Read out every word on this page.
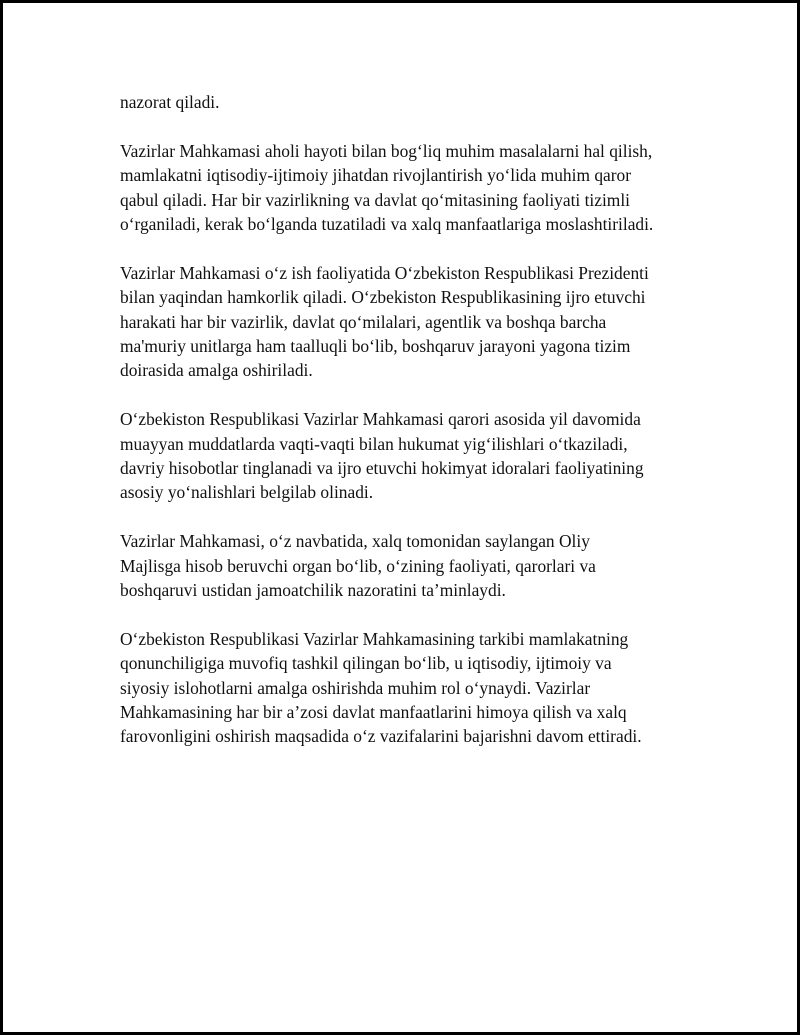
nazorat qiladi.

Vazirlar Mahkamasi aholi hayoti bilan bog‘liq muhim masalalarni hal qilish,
mamlakatni iqtisodiy-ijtimoiy jihatdan rivojlantirish yo‘lida muhim qaror
qabul qiladi. Har bir vazirlikning va davlat qo‘mitasining faoliyati tizimli
o‘rganiladi, kerak bo‘lganda tuzatiladi va xalq manfaatlariga moslashtiriladi.

Vazirlar Mahkamasi o‘z ish faoliyatida O‘zbekiston Respublikasi Prezidenti
bilan yaqindan hamkorlik qiladi. O‘zbekiston Respublikasining ijro etuvchi
harakati har bir vazirlik, davlat qo‘milalari, agentlik va boshqa barcha
ma'muriy unitlarga ham taalluqli bo‘lib, boshqaruv jarayoni yagona tizim
doirasida amalga oshiriladi.

O‘zbekiston Respublikasi Vazirlar Mahkamasi qarori asosida yil davomida
muayyan muddatlarda vaqti-vaqti bilan hukumat yig‘ilishlari o‘tkaziladi,
davriy hisobotlar tinglanadi va ijro etuvchi hokimyat idoralari faoliyatining
asosiy yo‘nalishlari belgilab olinadi.

Vazirlar Mahkamasi, o‘z navbatida, xalq tomonidan saylangan Oliy
Majlisga hisob beruvchi organ bo‘lib, o‘zining faoliyati, qarorlari va
boshqaruvi ustidan jamoatchilik nazoratini ta’minlaydi.

O‘zbekiston Respublikasi Vazirlar Mahkamasining tarkibi mamlakatning
qonunchiligiga muvofiq tashkil qilingan bo‘lib, u iqtisodiy, ijtimoiy va
siyosiy islohotlarni amalga oshirishda muhim rol o‘ynaydi. Vazirlar
Mahkamasining har bir a’zosi davlat manfaatlarini himoya qilish va xalq
farovonligini oshirish maqsadida o‘z vazifalarini bajarishni davom ettiradi.
